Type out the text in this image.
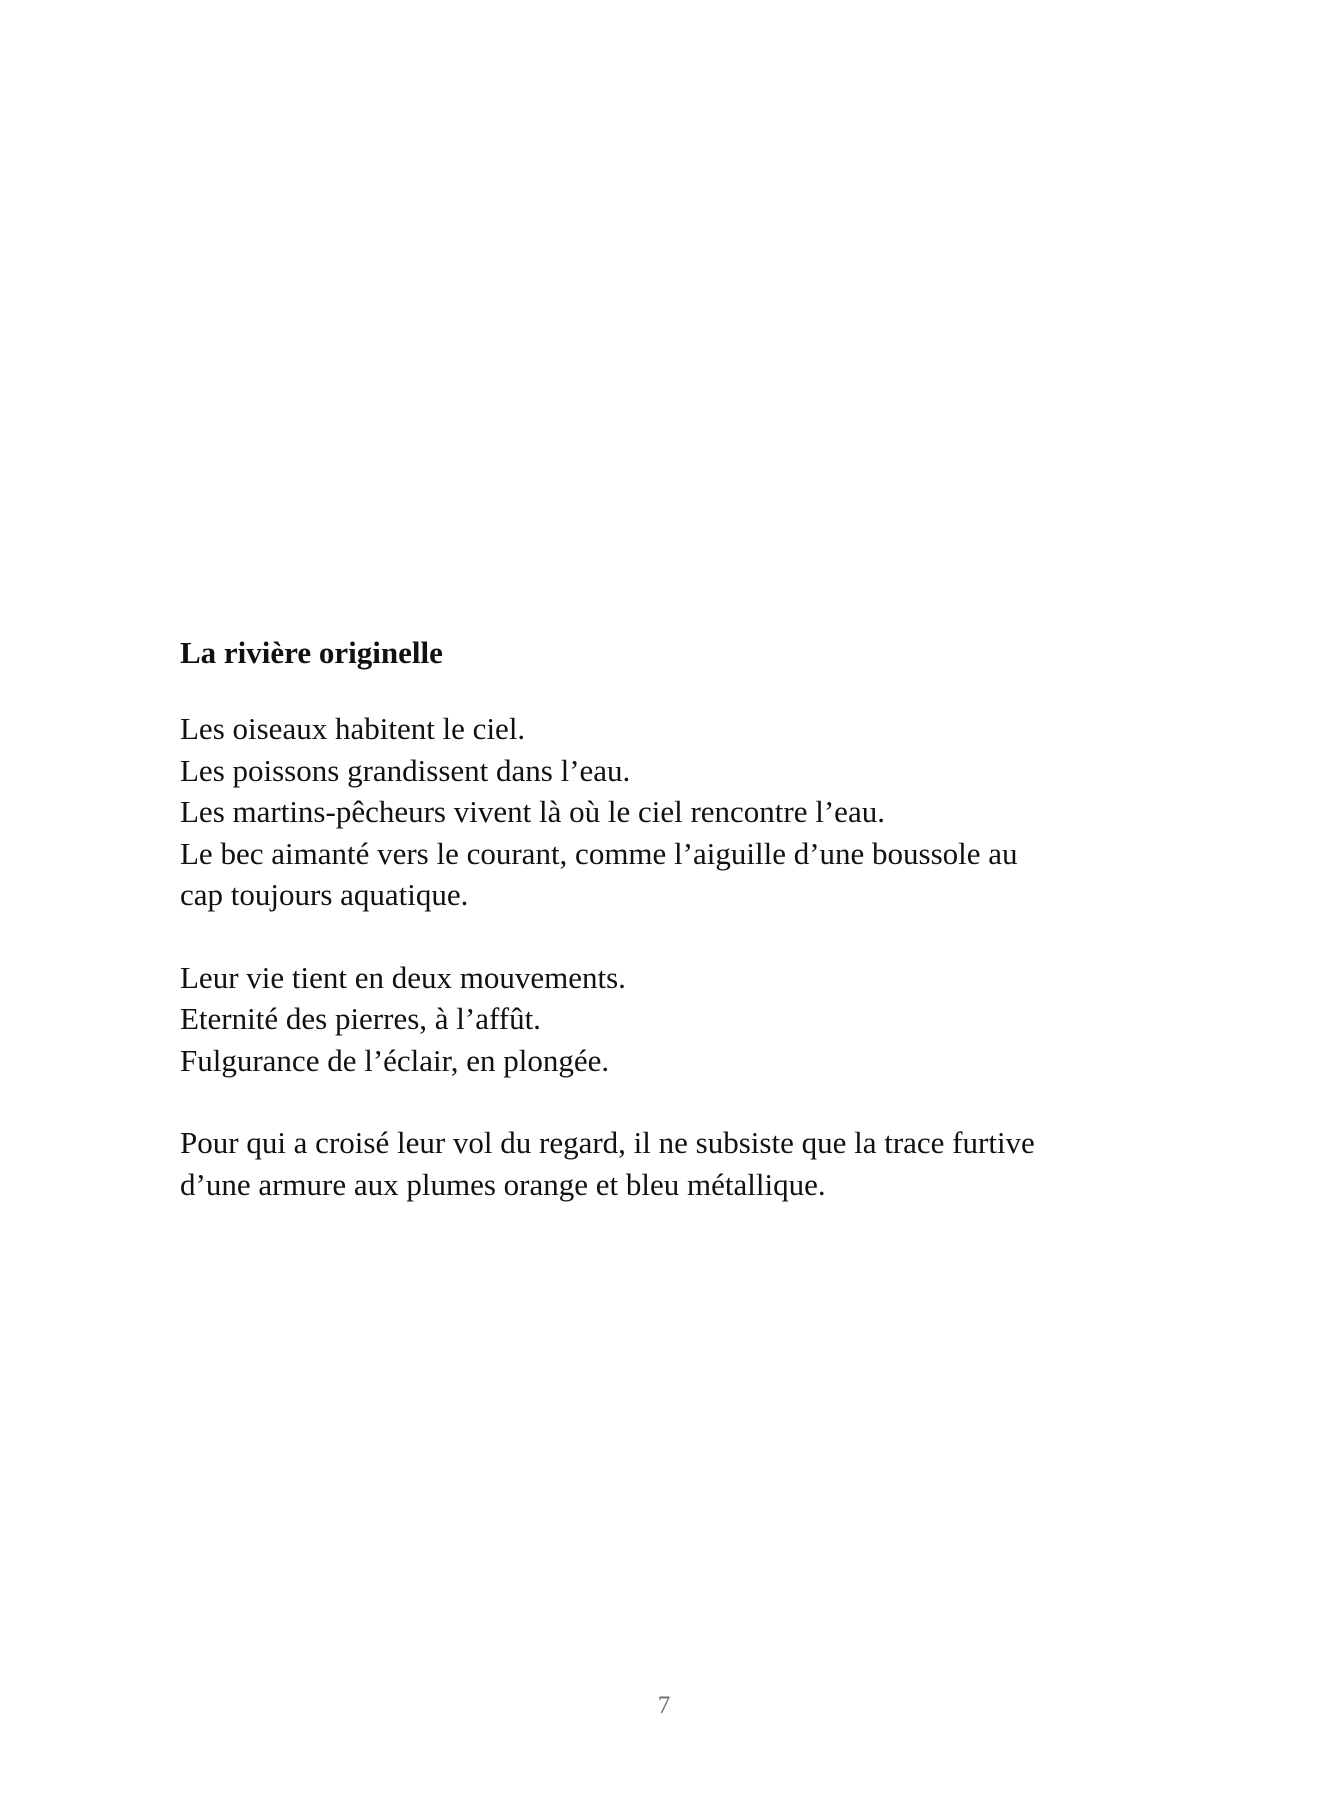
La rivière originelle
Les oiseaux habitent le ciel.
Les poissons grandissent dans l’eau.
Les martins-pêcheurs vivent là où le ciel rencontre l’eau.
Le bec aimanté vers le courant, comme l’aiguille d’une boussole au
cap toujours aquatique.
Leur vie tient en deux mouvements.
Eternité des pierres, à l’affût.
Fulgurance de l’éclair, en plongée.
Pour qui a croisé leur vol du regard, il ne subsiste que la trace furtive
d’une armure aux plumes orange et bleu métallique.
7
